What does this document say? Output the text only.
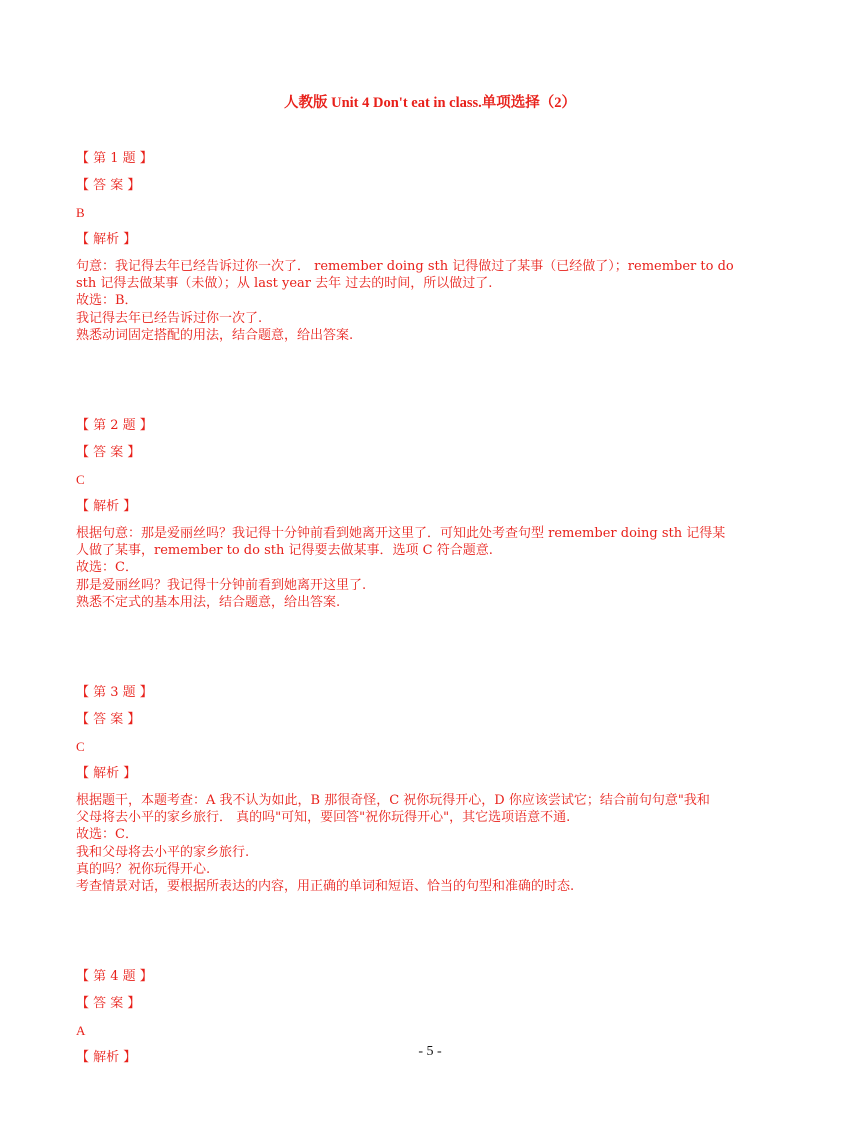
人教版 Unit 4 Don't eat in class.单项选择（2）
【 第 1 题 】
【 答 案 】
B
【 解析 】
句意：我记得去年已经告诉过你一次了． remember doing sth 记得做过了某事（已经做了）；remember to do
sth 记得去做某事（未做）；从 last year 去年 过去的时间，所以做过了.
故选：B．
我记得去年已经告诉过你一次了.
熟悉动词固定搭配的用法，结合题意，给出答案.
【 第 2 题 】
【 答 案 】
C
【 解析 】
根据句意：那是爱丽丝吗？我记得十分钟前看到她离开这里了．可知此处考查句型 remember doing sth 记得某
人做了某事，remember to do sth 记得要去做某事．选项 C 符合题意.
故选：C．
那是爱丽丝吗？我记得十分钟前看到她离开这里了.
熟悉不定式的基本用法，结合题意，给出答案.
【 第 3 题 】
【 答 案 】
C
【 解析 】
根据题干，本题考查：A 我不认为如此，B 那很奇怪，C 祝你玩得开心，D 你应该尝试它；结合前句句意"我和
父母将去小平的家乡旅行． 真的吗"可知，要回答"祝你玩得开心"，其它选项语意不通.
故选：C．
我和父母将去小平的家乡旅行.
真的吗？祝你玩得开心.
考查情景对话，要根据所表达的内容，用正确的单词和短语、恰当的句型和准确的时态.
【 第 4 题 】
【 答 案 】
A
【 解析 】	- 5 -
